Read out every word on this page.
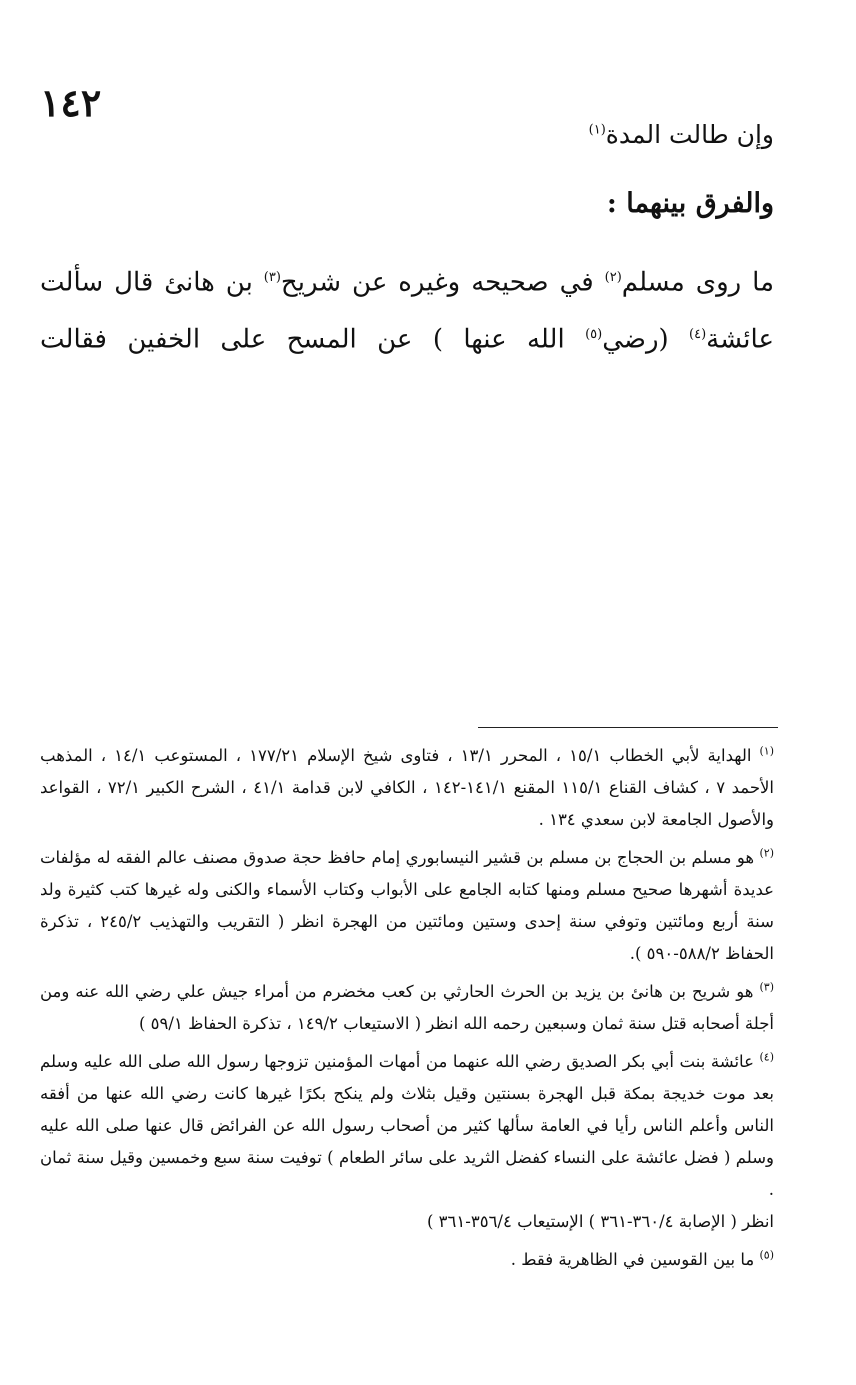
١٤٢
وإن طالت المدة$^{(١)}$
والفرق بينهما :
ما روى مسلم$^{(٢)}$ في صحيحه وغيره عن شريح$^{(٣)}$ بن هانئ قال سألت عائشة$^{(٤)}$ (رضي$^{(٥)}$ الله عنها ) عن المسح على الخفين فقالت

$^{(١)}$ الهداية لأبي الخطاب ١٥/١ ، المحرر ١٣/١ ، فتاوى شيخ الإسلام ١٧٧/٢١ ، المستوعب ١٤/١ ، المذهب الأحمد ٧ ، كشاف القناع ١١٥/١ المقنع ١٤١/١-١٤٢ ، الكافي لابن قدامة ٤١/١ ، الشرح الكبير ٧٢/١ ، القواعد والأصول الجامعة لابن سعدي ١٣٤ .

$^{(٢)}$ هو مسلم بن الحجاج بن مسلم بن قشير النيسابوري إمام حافظ حجة صدوق مصنف عالم الفقه له مؤلفات عديدة أشهرها صحيح مسلم ومنها كتابه الجامع على الأبواب وكتاب الأسماء والكنى وله غيرها كتب كثيرة ولد سنة أربع ومائتين وتوفي سنة إحدى وستين ومائتين من الهجرة انظر ( التقريب والتهذيب ٢٤٥/٢ ، تذكرة الحفاظ ٥٨٨/٢-٥٩٠ ).

$^{(٣)}$ هو شريح بن هانئ بن يزيد بن الحرث الحارثي بن كعب مخضرم من أمراء جيش علي رضي الله عنه ومن أجلة أصحابه قتل سنة ثمان وسبعين رحمه الله انظر ( الاستيعاب ١٤٩/٢ ، تذكرة الحفاظ ٥٩/١ )

$^{(٤)}$ عائشة بنت أبي بكر الصديق رضي الله عنهما من أمهات المؤمنين تزوجها رسول الله صلى الله عليه وسلم بعد موت خديجة بمكة قبل الهجرة بسنتين وقيل بثلاث ولم ينكح بكرًا غيرها كانت رضي الله عنها من أفقه الناس وأعلم الناس رأيا في العامة سألها كثير من أصحاب رسول الله عن الفرائض قال عنها صلى الله عليه وسلم ( فضل عائشة على النساء كفضل الثريد على سائر الطعام ) توفيت سنة سبع وخمسين وقيل سنة ثمان .

انظر ( الإصابة ٣٦٠/٤-٣٦١ ) الإستيعاب ٣٥٦/٤-٣٦١ )

$^{(٥)}$ ما بين القوسين في الظاهرية فقط .
